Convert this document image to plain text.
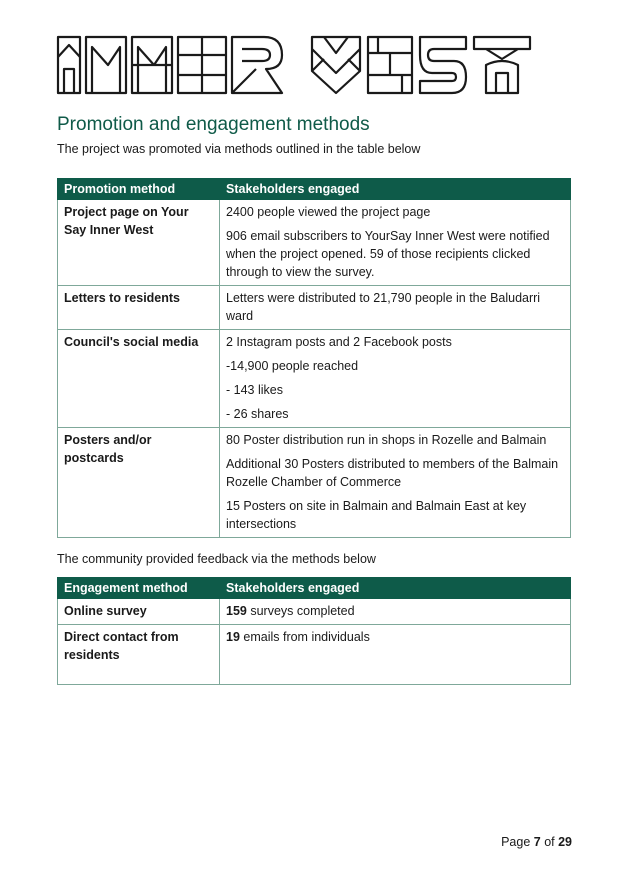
Promotion and engagement methods

The project was promoted via methods outlined in the table below

Promotion method	Stakeholders engaged
Project page on Your Say Inner West	2400 people viewed the project page

906 email subscribers to YourSay Inner West were notified when the project opened. 59 of those recipients clicked through to view the survey.

Letters to residents	Letters were distributed to 21,790 people in the Baludarri ward

Council's social media	2 Instagram posts and 2 Facebook posts

-14,900 people reached

- 143 likes

- 26 shares

Posters and/or postcards	80 Poster distribution run in shops in Rozelle and Balmain

Additional 30 Posters distributed to members of the Balmain Rozelle Chamber of Commerce

15 Posters on site in Balmain and Balmain East at key intersections

The community provided feedback via the methods below

Engagement method	Stakeholders engaged
Online survey	159 surveys completed
Direct contact from residents	19 emails from individuals
Page 7 of 29
